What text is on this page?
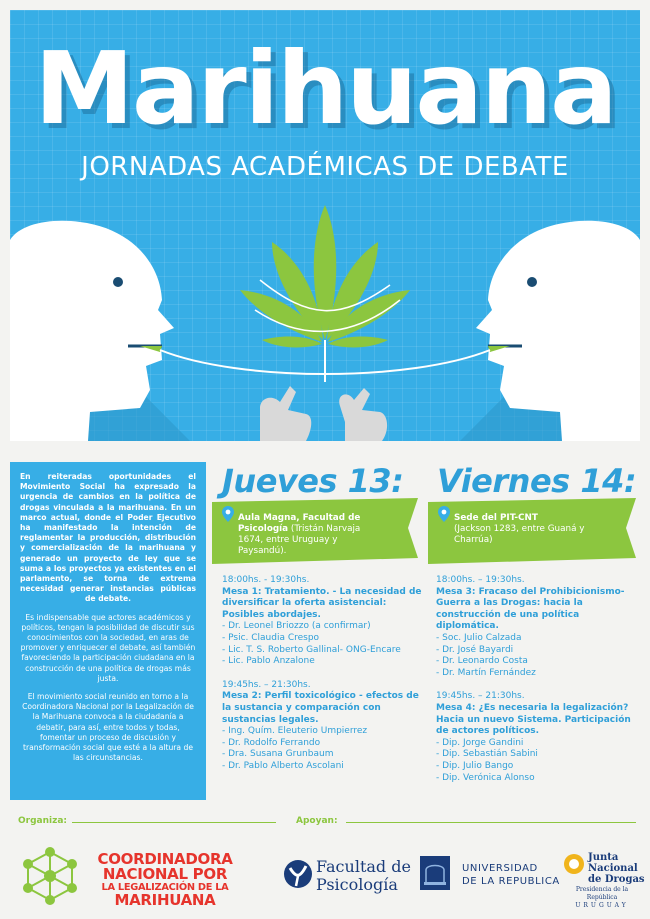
Marihuana
JORNADAS ACADÉMICAS DE DEBATE

En reiteradas oportunidades el Movimiento Social ha expresado la urgencia de cambios en la política de drogas vinculada a la marihuana. En un marco actual, donde el Poder Ejecutivo ha manifestado la intención de reglamentar la producción, distribución y comercialización de la marihuana y generado un proyecto de ley que se suma a los proyectos ya existentes en el parlamento, se torna de extrema necesidad generar instancias públicas de debate.

Es indispensable que actores académicos y políticos, tengan la posibilidad de discutir sus conocimientos con la sociedad, en aras de promover y enriquecer el debate, así también favoreciendo la participación ciudadana en la construcción de una política de drogas más justa.

El movimiento social reunido en torno a la Coordinadora Nacional por la Legalización de la Marihuana convoca a la ciudadanía a debatir, para así, entre todos y todas, fomentar un proceso de discusión y transformación social que esté a la altura de las circunstancias.

Jueves 13:
Aula Magna, Facultad de Psicología (Tristán Narvaja 1674, entre Uruguay y Paysandú).
18:00hs. - 19:30hs.
Mesa 1: Tratamiento. - La necesidad de diversificar la oferta asistencial: Posibles abordajes.
- Dr. Leonel Briozzo (a confirmar)
- Psic. Claudia Crespo
- Lic. T. S. Roberto Gallinal- ONG-Encare
- Lic. Pablo Anzalone
19:45hs. – 21:30hs.
Mesa 2: Perfil toxicológico - efectos de la sustancia y comparación con sustancias legales.
- Ing. Quím. Eleuterio Umpierrez
- Dr. Rodolfo Ferrando
- Dra. Susana Grunbaum
- Dr. Pablo Alberto Ascolani
Viernes 14:
Sede del PIT-CNT
(Jackson 1283, entre Guaná y Charrúa)
18:00hs. – 19:30hs.
Mesa 3: Fracaso del Prohibicionismo-Guerra a las Drogas: hacia la construcción de una política diplomática.
- Soc. Julio Calzada
- Dr. José Bayardi
- Dr. Leonardo Costa
- Dr. Martín Fernández
19:45hs. – 21:30hs.
Mesa 4: ¿Es necesaria la legalización? Hacia un nuevo Sistema. Participación de actores políticos.
- Dip. Jorge Gandini
- Dip. Sebastián Sabini
- Dip. Julio Bango
- Dip. Verónica Alonso
Organiza:	Apoyan:
COORDINADORA
NACIONAL POR
LA LEGALIZACIÓN DE LA
MARIHUANA
Facultad de
Psicología
UNIVERSIDAD
DE LA REPUBLICA
Junta
Nacional
de Drogas
Presidencia de la República
URUGUAY
